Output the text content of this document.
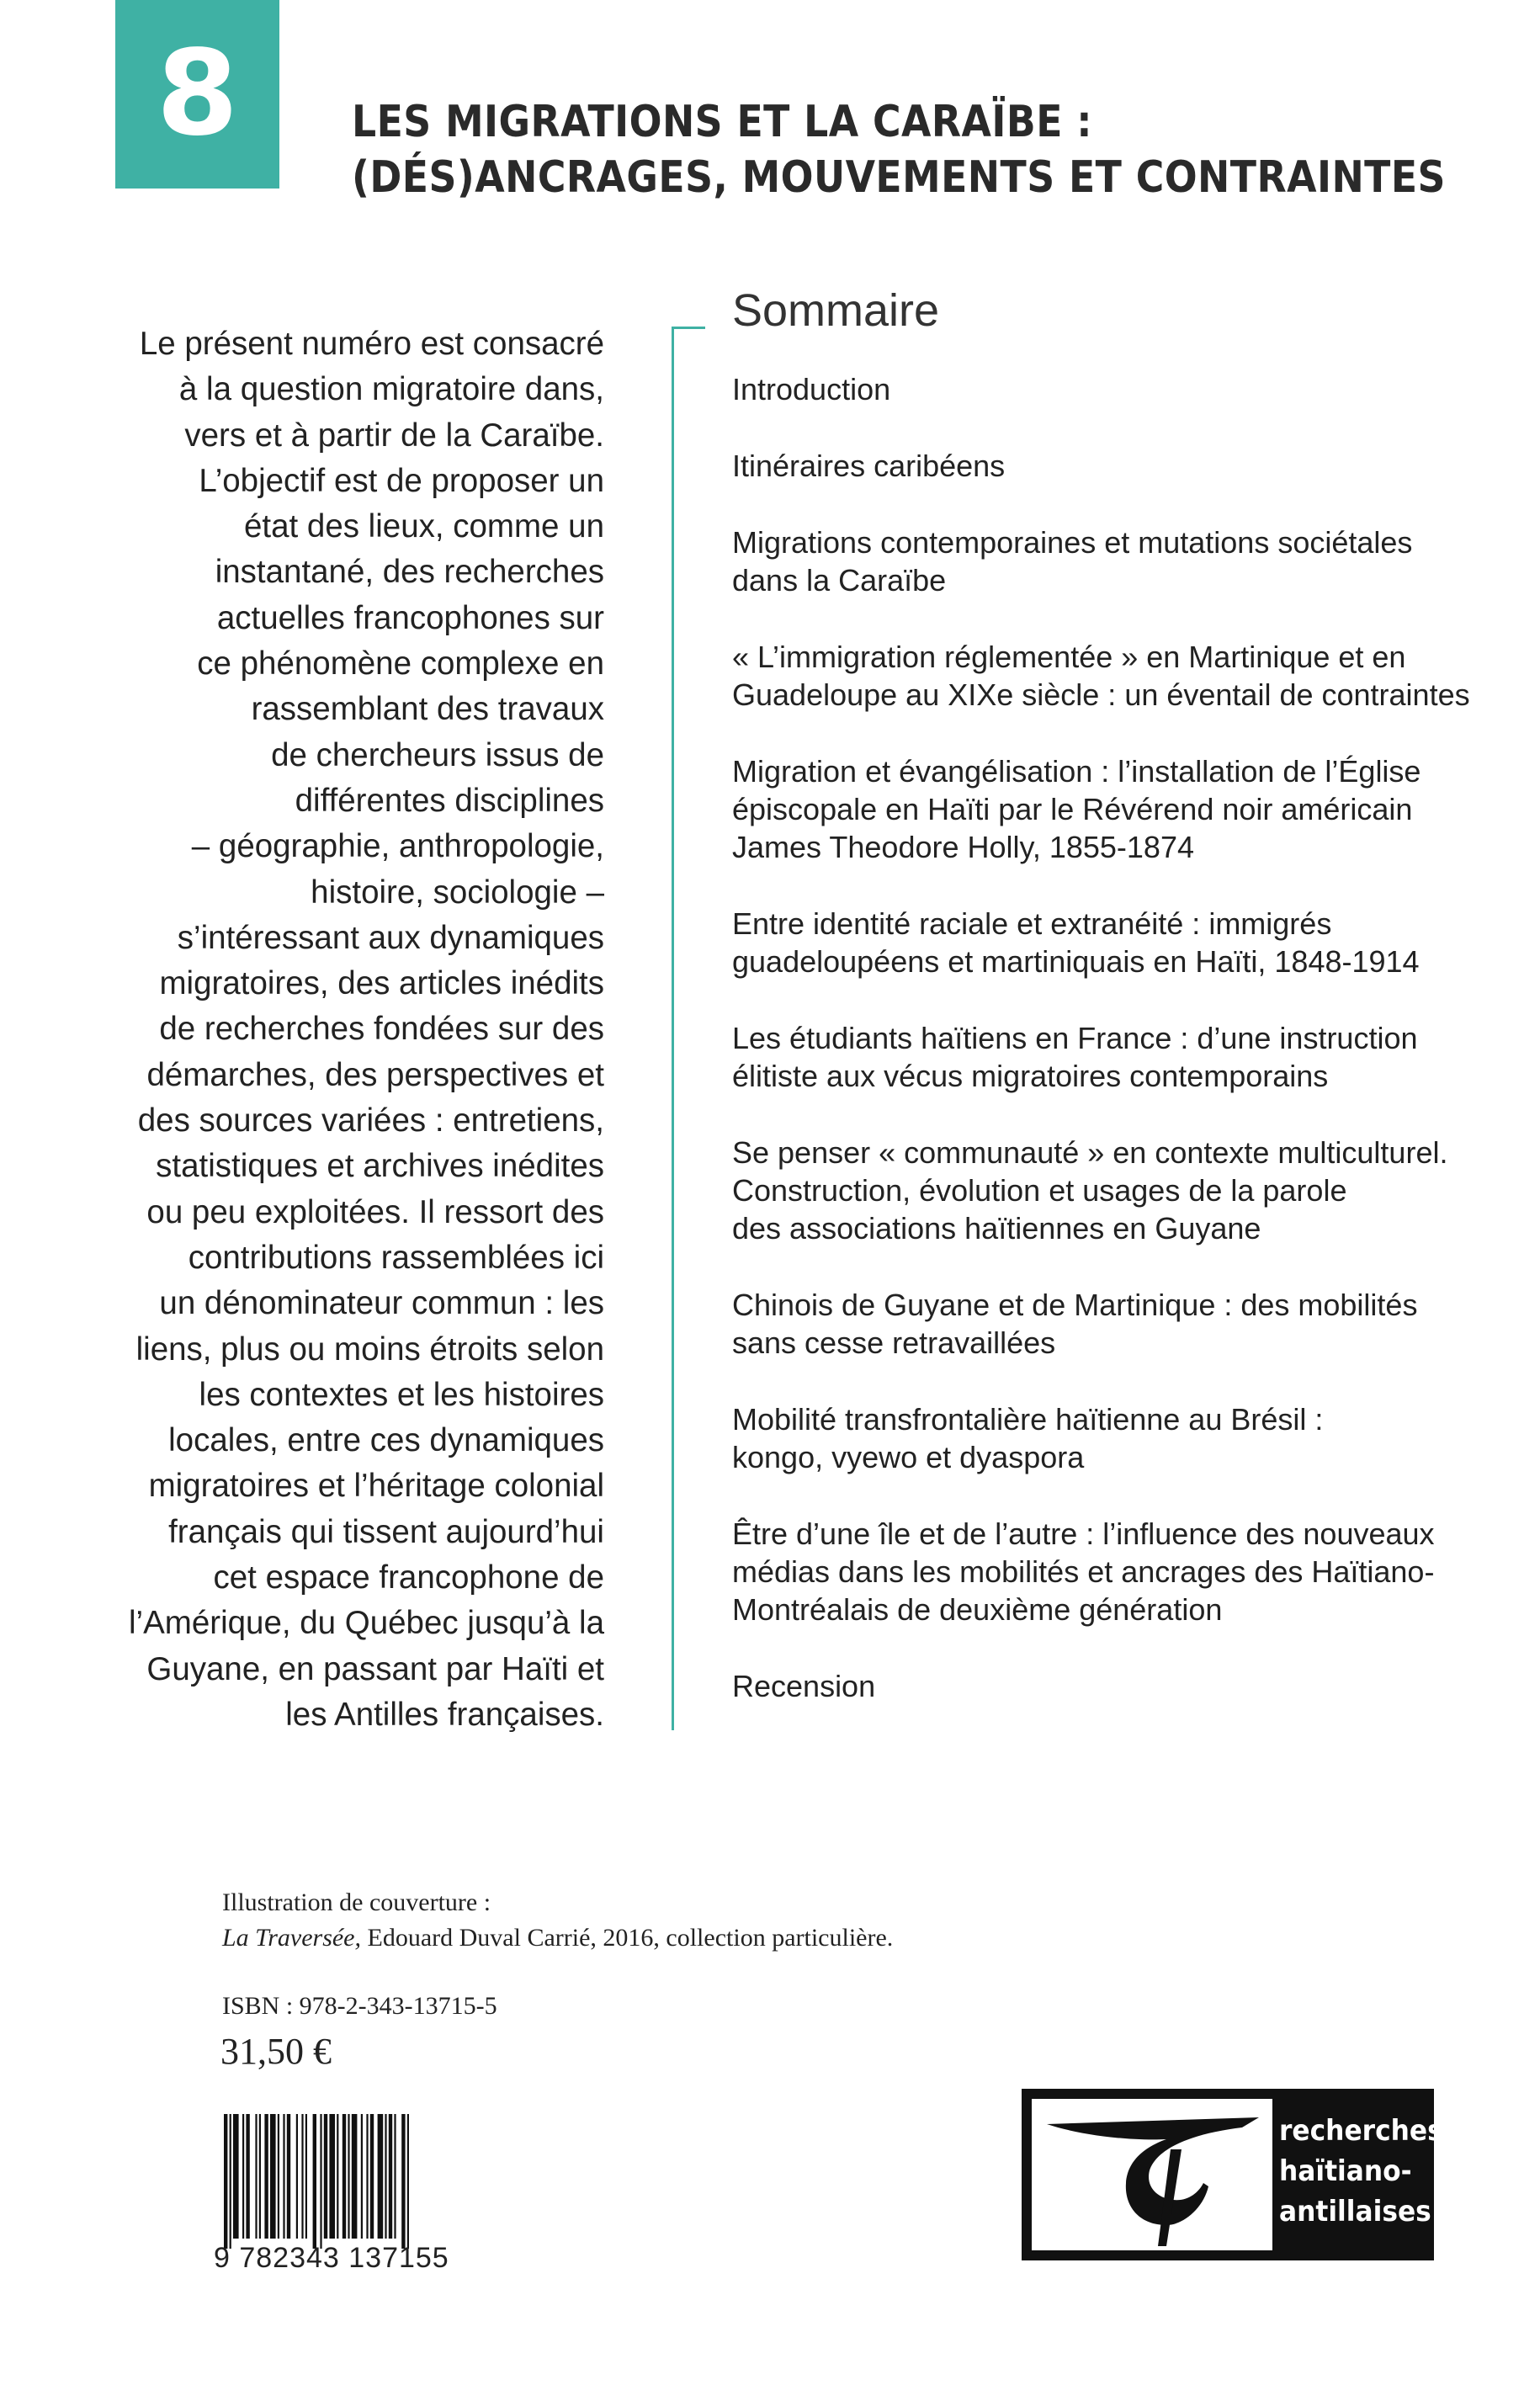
8	LES MIGRATIONS ET LA CARAÏBE :
(DÉS)ANCRAGES, MOUVEMENTS ET CONTRAINTES

Le présent numéro est consacré
à la question migratoire dans,
vers et à partir de la Caraïbe.
L’objectif est de proposer un
état des lieux, comme un
instantané, des recherches
actuelles francophones sur
ce phénomène complexe en
rassemblant des travaux
de chercheurs issus de
différentes disciplines
– géographie, anthropologie,
histoire, sociologie –
s’intéressant aux dynamiques
migratoires, des articles inédits
de recherches fondées sur des
démarches, des perspectives et
des sources variées : entretiens,
statistiques et archives inédites
ou peu exploitées. Il ressort des
contributions rassemblées ici
un dénominateur commun : les
liens, plus ou moins étroits selon
les contextes et les histoires
locales, entre ces dynamiques
migratoires et l’héritage colonial
français qui tissent aujourd’hui
cet espace francophone de
l’Amérique, du Québec jusqu’à la
Guyane, en passant par Haïti et
les Antilles françaises.

Sommaire
Introduction
Itinéraires caribéens
Migrations contemporaines et mutations sociétales
dans la Caraïbe
« L’immigration réglementée » en Martinique et en
Guadeloupe au XIXe siècle : un éventail de contraintes
Migration et évangélisation : l’installation de l’Église
épiscopale en Haïti par le Révérend noir américain
James Theodore Holly, 1855-1874
Entre identité raciale et extranéité : immigrés
guadeloupéens et martiniquais en Haïti, 1848-1914
Les étudiants haïtiens en France : d’une instruction
élitiste aux vécus migratoires contemporains
Se penser « communauté » en contexte multiculturel.
Construction, évolution et usages de la parole
des associations haïtiennes en Guyane
Chinois de Guyane et de Martinique : des mobilités
sans cesse retravaillées
Mobilité transfrontalière haïtienne au Brésil :
kongo, vyewo et dyaspora
Être d’une île et de l’autre : l’influence des nouveaux
médias dans les mobilités et ancrages des Haïtiano-
Montréalais de deuxième génération
Recension
Illustration de couverture :
La Traversée, Edouard Duval Carrié, 2016, collection particulière.
ISBN : 978-2-343-13715-5
31,50 €
9 782343 137155
recherches
haïtiano-
antillaises
